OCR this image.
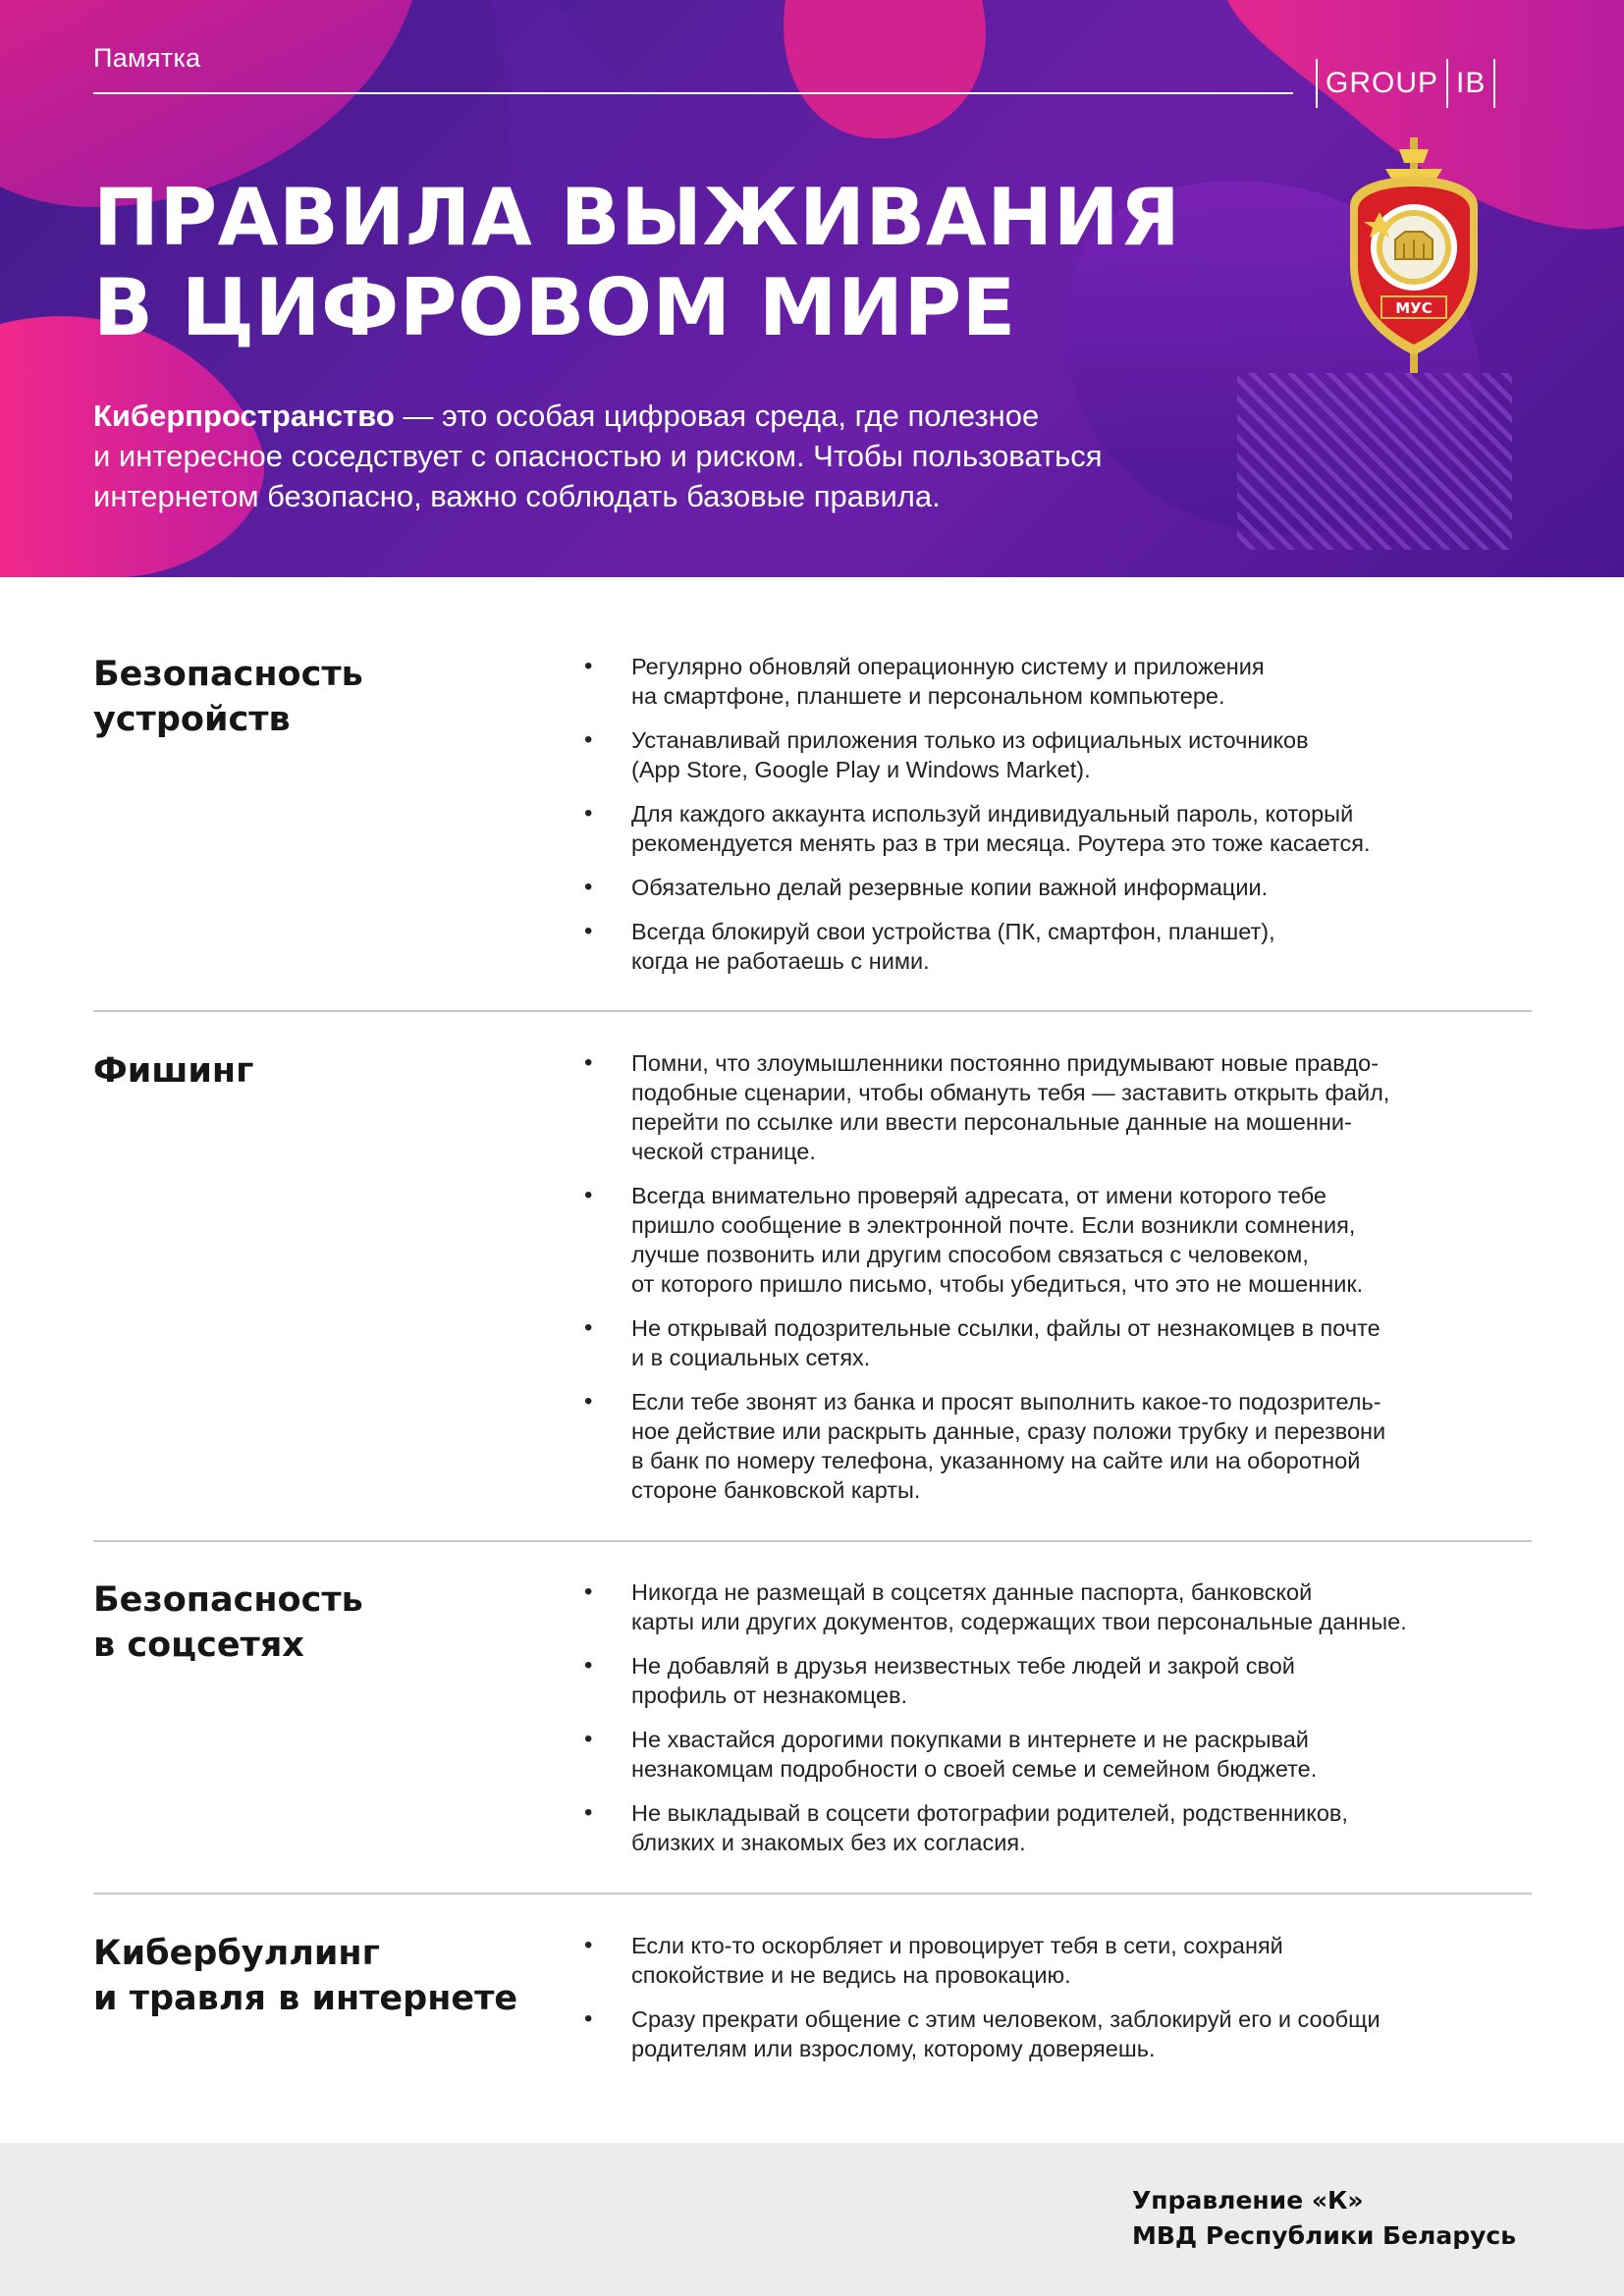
Памятка
GROUP IB
ПРАВИЛА ВЫЖИВАНИЯ
В ЦИФРОВОМ МИРЕ	МУС
Киберпространство — это особая цифровая среда, где полезное
и интересное соседствует с опасностью и риском. Чтобы пользоваться
интернетом безопасно, важно соблюдать базовые правила.
Безопасность
устройств
• Регулярно обновляй операционную систему и приложения
на смартфоне, планшете и персональном компьютере.
• Устанавливай приложения только из официальных источников
(App Store, Google Play и Windows Market).
• Для каждого аккаунта используй индивидуальный пароль, который
рекомендуется менять раз в три месяца. Роутера это тоже касается.
• Обязательно делай резервные копии важной информации.
• Всегда блокируй свои устройства (ПК, смартфон, планшет),
когда не работаешь с ними.
Фишинг
•	Помни, что злоумышленники постоянно придумывают новые правдо-
подобные сценарии, чтобы обмануть тебя — заставить открыть файл,
перейти по ссылке или ввести персональные данные на мошенни-
ческой странице.
• Всегда внимательно проверяй адресата, от имени которого тебе
пришло сообщение в электронной почте. Если возникли сомнения,
лучше позвонить или другим способом связаться с человеком,
от которого пришло письмо, чтобы убедиться, что это не мошенник.
• Не открывай подозрительные ссылки, файлы от незнакомцев в почте
и в социальных сетях.
• Если тебе звонят из банка и просят выполнить какое-то подозритель-
ное действие или раскрыть данные, сразу положи трубку и перезвони
в банк по номеру телефона, указанному на сайте или на оборотной
стороне банковской карты.
Безопасность
в соцсетях
• Никогда не размещай в соцсетях данные паспорта, банковской
карты или других документов, содержащих твои персональные данные.
• Не добавляй в друзья неизвестных тебе людей и закрой свой
профиль от незнакомцев.
• Не хвастайся дорогими покупками в интернете и не раскрывай
незнакомцам подробности о своей семье и семейном бюджете.
• Не выкладывай в соцсети фотографии родителей, родственников,
близких и знакомых без их согласия.
Кибербуллинг
и травля в интернете
• Если кто-то оскорбляет и провоцирует тебя в сети, сохраняй
спокойствие и не ведись на провокацию.
• Сразу прекрати общение с этим человеком, заблокируй его и сообщи
родителям или взрослому, которому доверяешь.
Управление «К»
МВД Республики Беларусь
